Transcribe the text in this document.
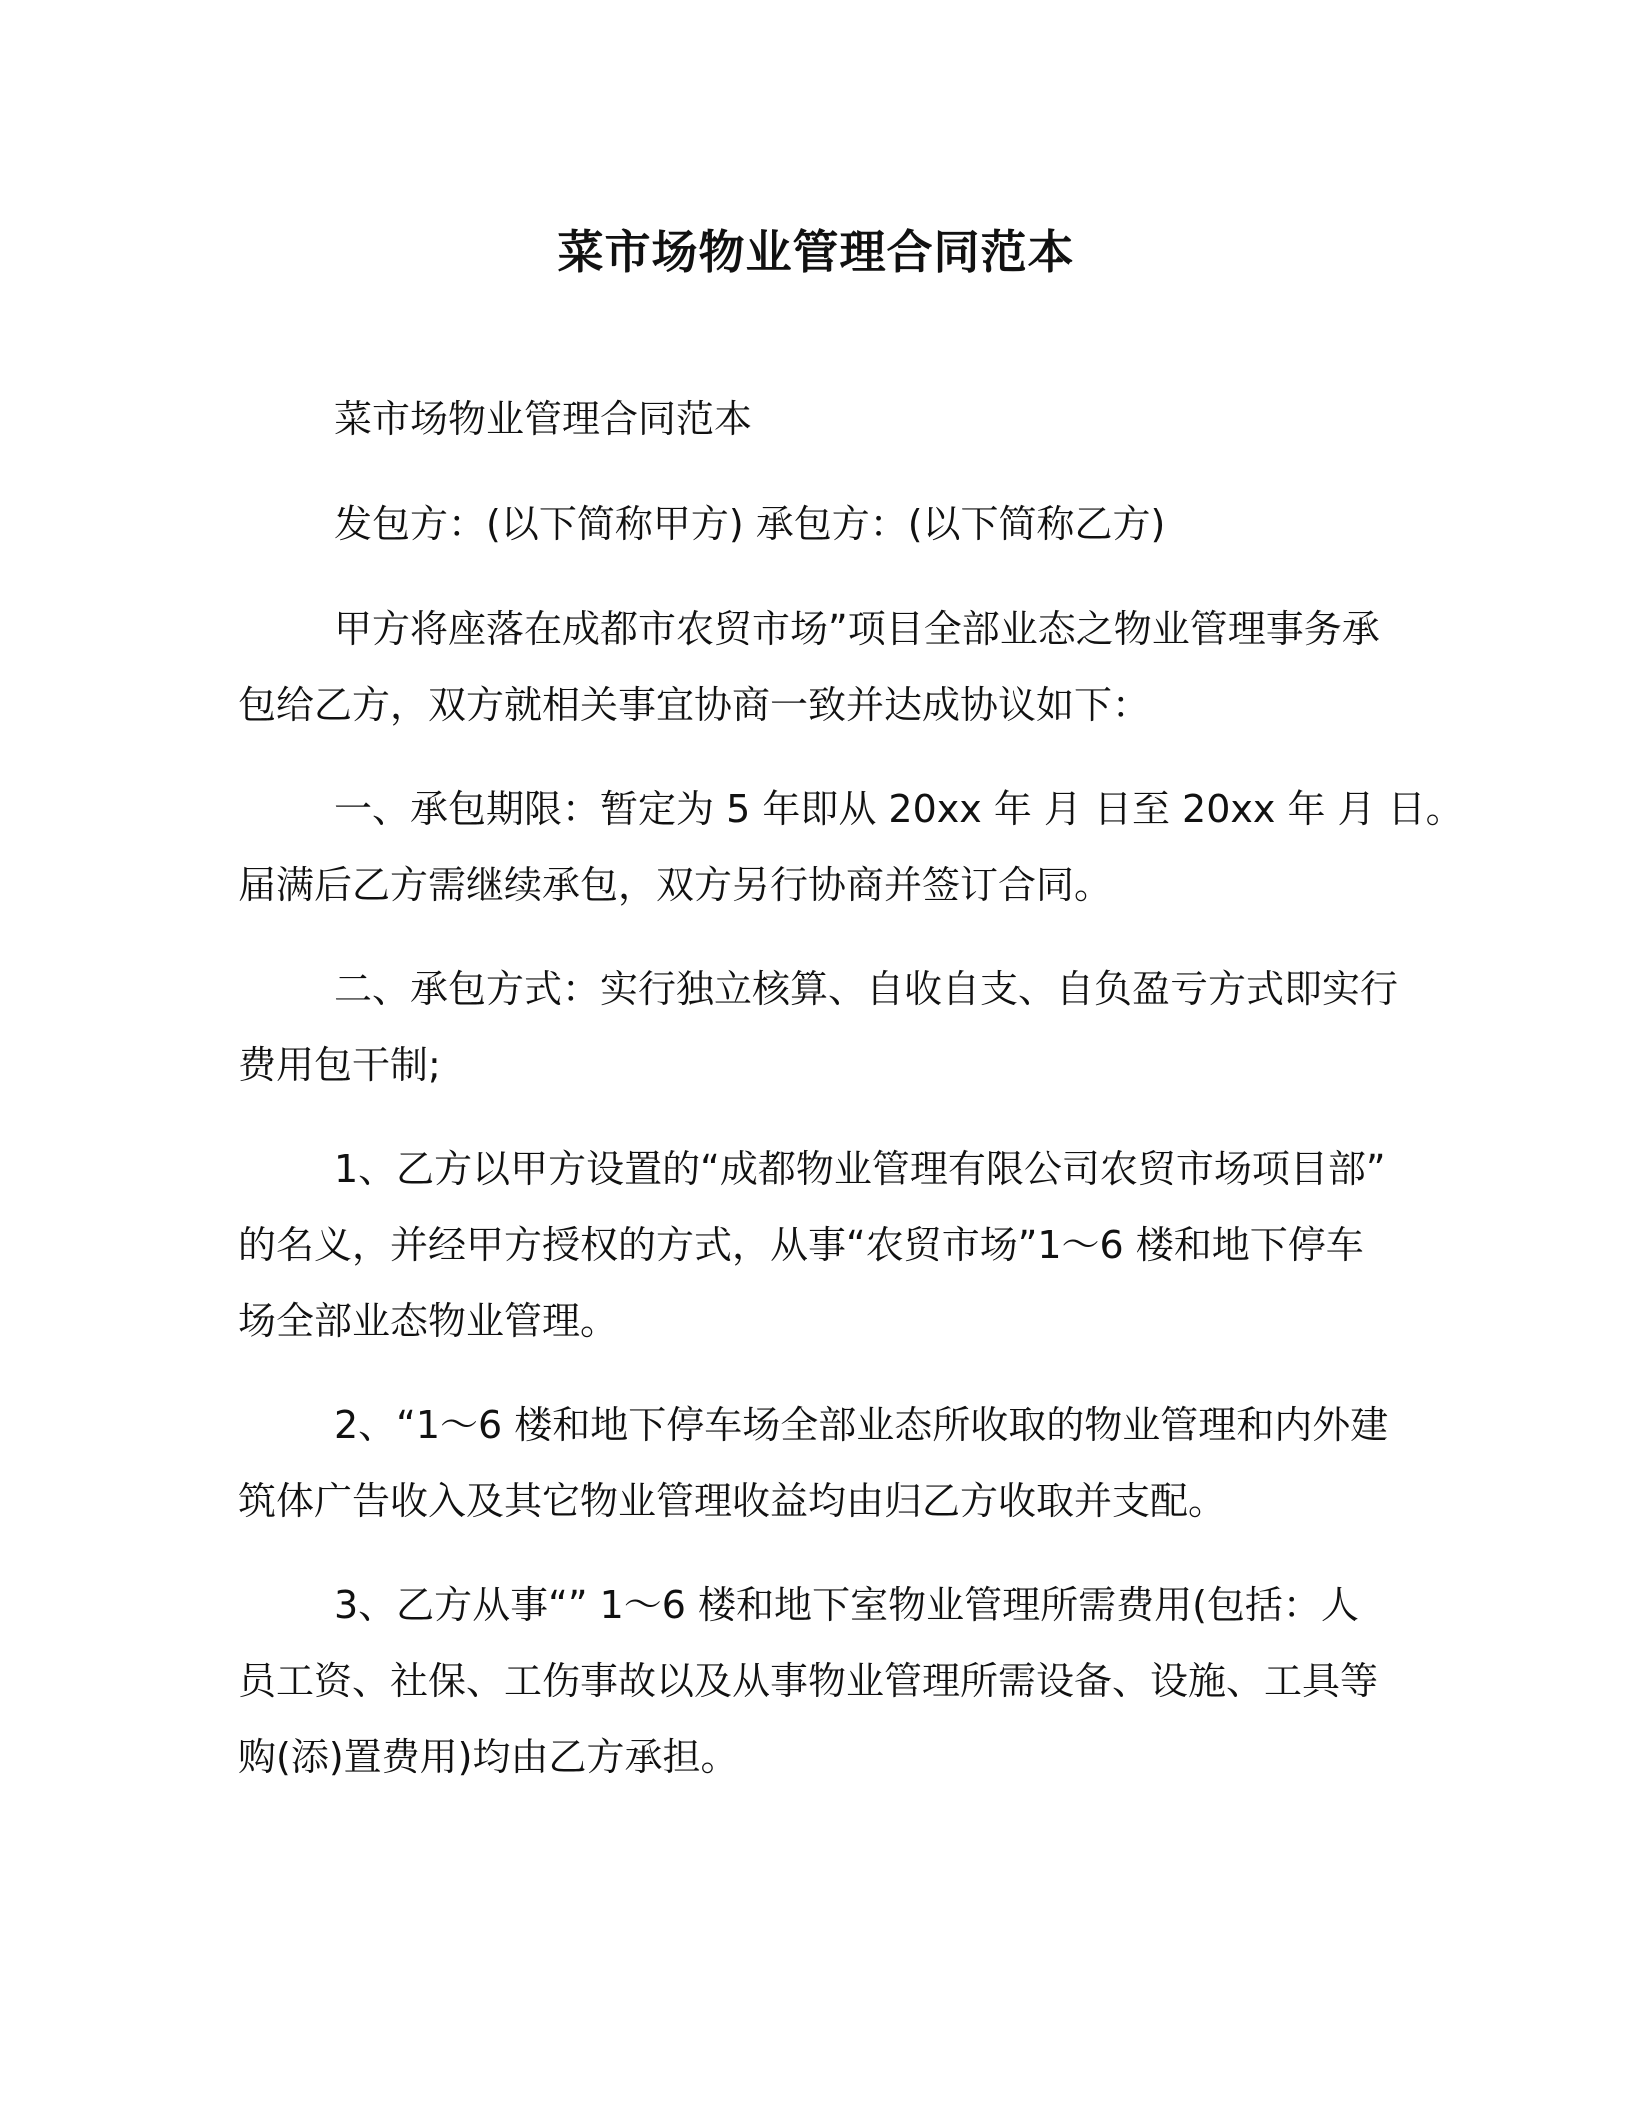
菜市场物业管理合同范本
菜市场物业管理合同范本
发包方：(以下简称甲方) 承包方：(以下简称乙方)
甲方将座落在成都市农贸市场”项目全部业态之物业管理事务承
包给乙方，双方就相关事宜协商一致并达成协议如下：
一、承包期限：暂定为 5 年即从 20xx 年 月 日至 20xx 年 月 日。
届满后乙方需继续承包，双方另行协商并签订合同。
二、承包方式：实行独立核算、自收自支、自负盈亏方式即实行
费用包干制;
1、乙方以甲方设置的“成都物业管理有限公司农贸市场项目部”
的名义，并经甲方授权的方式，从事“农贸市场”1～6 楼和地下停车
场全部业态物业管理。
2、“1～6 楼和地下停车场全部业态所收取的物业管理和内外建
筑体广告收入及其它物业管理收益均由归乙方收取并支配。
3、乙方从事“” 1～6 楼和地下室物业管理所需费用(包括：人
员工资、社保、工伤事故以及从事物业管理所需设备、设施、工具等
购(添)置费用)均由乙方承担。
